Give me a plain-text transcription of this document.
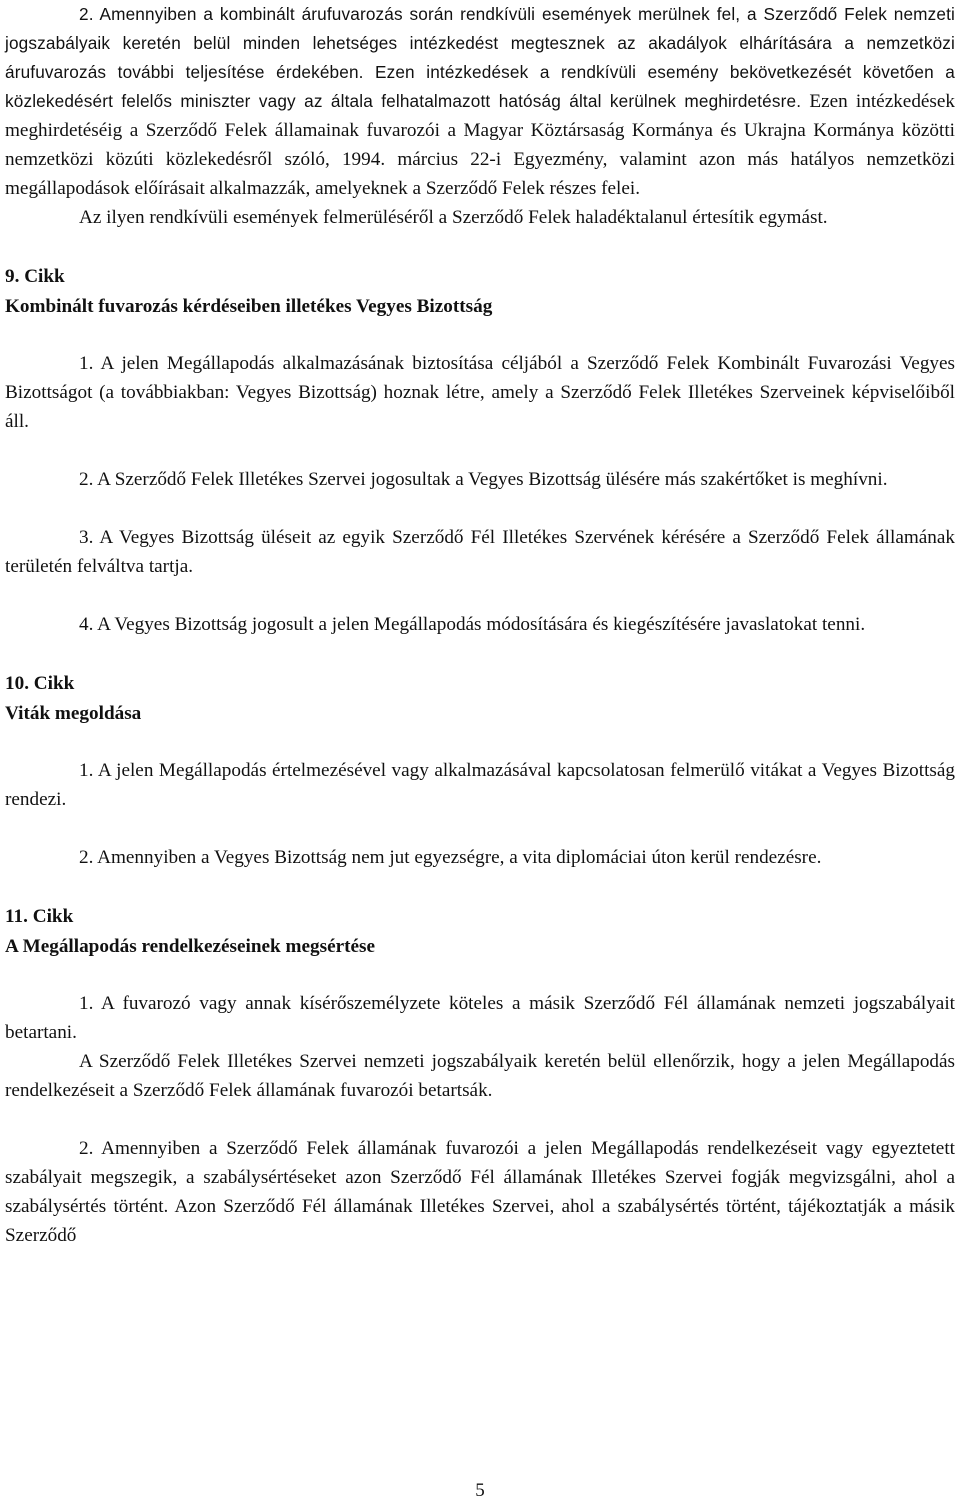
2. Amennyiben a kombinált árufuvarozás során rendkívüli események merülnek fel, a Szerződő Felek nemzeti jogszabályaik keretén belül minden lehetséges intézkedést megtesznek az akadályok elhárítására a nemzetközi árufuvarozás további teljesítése érdekében. Ezen intézkedések a rendkívüli esemény bekövetkezését követően a közlekedésért felelős miniszter vagy az általa felhatalmazott hatóság által kerülnek meghirdetésre. Ezen intézkedések meghirdetéséig a Szerződő Felek államainak fuvarozói a Magyar Köztársaság Kormánya és Ukrajna Kormánya közötti nemzetközi közúti közlekedésről szóló, 1994. március 22-i Egyezmény, valamint azon más hatályos nemzetközi megállapodások előírásait alkalmazzák, amelyeknek a Szerződő Felek részes felei.

Az ilyen rendkívüli események felmerüléséről a Szerződő Felek haladéktalanul értesítik egymást.

9. Cikk

Kombinált fuvarozás kérdéseiben illetékes Vegyes Bizottság

1. A jelen Megállapodás alkalmazásának biztosítása céljából a Szerződő Felek Kombinált Fuvarozási Vegyes Bizottságot (a továbbiakban: Vegyes Bizottság) hoznak létre, amely a Szerződő Felek Illetékes Szerveinek képviselőiből áll.

2. A Szerződő Felek Illetékes Szervei jogosultak a Vegyes Bizottság ülésére más szakértőket is meghívni.

3. A Vegyes Bizottság üléseit az egyik Szerződő Fél Illetékes Szervének kérésére a Szerződő Felek államának területén felváltva tartja.

4. A Vegyes Bizottság jogosult a jelen Megállapodás módosítására és kiegészítésére javaslatokat tenni.

10. Cikk

Viták megoldása

1. A jelen Megállapodás értelmezésével vagy alkalmazásával kapcsolatosan felmerülő vitákat a Vegyes Bizottság rendezi.

2. Amennyiben a Vegyes Bizottság nem jut egyezségre, a vita diplomáciai úton kerül rendezésre.

11. Cikk

A Megállapodás rendelkezéseinek megsértése

1. A fuvarozó vagy annak kísérőszemélyzete köteles a másik Szerződő Fél államának nemzeti jogszabályait betartani.

A Szerződő Felek Illetékes Szervei nemzeti jogszabályaik keretén belül ellenőrzik, hogy a jelen Megállapodás rendelkezéseit a Szerződő Felek államának fuvarozói betartsák.

2. Amennyiben a Szerződő Felek államának fuvarozói a jelen Megállapodás rendelkezéseit vagy egyeztetett szabályait megszegik, a szabálysértéseket azon Szerződő Fél államának Illetékes Szervei fogják megvizsgálni, ahol a szabálysértés történt. Azon Szerződő Fél államának Illetékes Szervei, ahol a szabálysértés történt, tájékoztatják a másik Szerződő

5
